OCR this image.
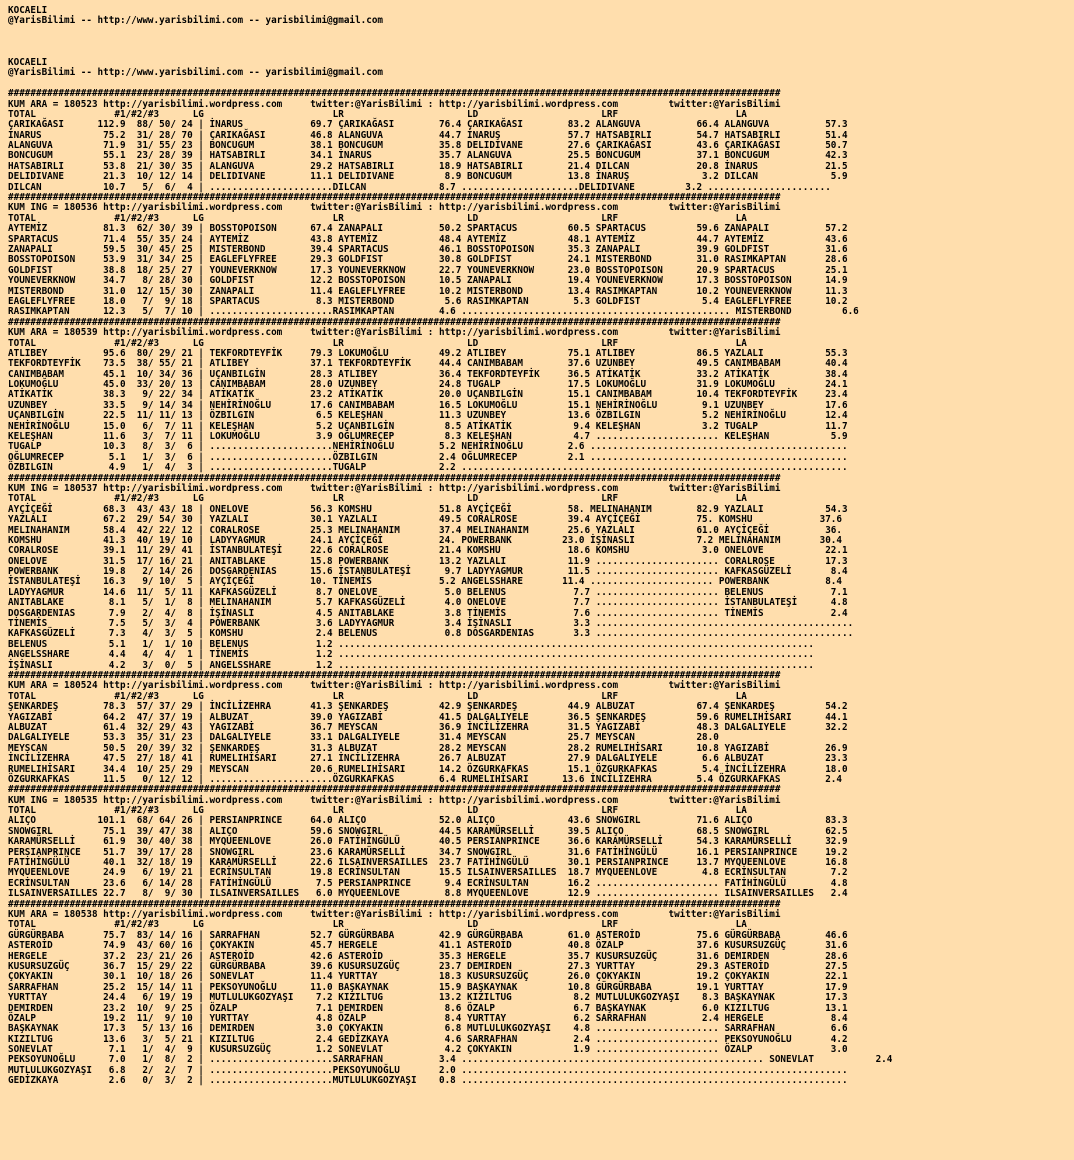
KOCAELI
@YarisBilimi -- http://www.yarisbilimi.com -- yarisbilimi@gmail.com
KOCAELI
@YarisBilimi -- http://www.yarisbilimi.com -- yarisbilimi@gmail.com
##########################################################################################################################################
KUM ARA = 180523 http://yarisbilimi.wordpress.com     twitter:@YarisBilimi : http://yarisbilimi.wordpress.com         twitter:@YarisBilimi
TOTAL              #1/#2/#3      LG                       LR                      LD                      LRF                     LA
ÇARIKAĞASI      112.9  88/ 50/ 24 | İNARUS            69.7 ÇARIKAĞASI        76.4 ÇARIKAĞASI        83.2 ALANGUVA          66.4 ALANGUVA          57.3
İNARUS           75.2  31/ 28/ 70 | ÇARIKAĞASI        46.8 ALANGUVA          44.7 İNARUŞ            57.7 HATSABIRLI        54.7 HATSABIRLI        51.4
ALANGUVA         71.9  31/ 55/ 23 | BONCUGUM          38.1 BONCUGUM          35.8 DELIDIVANE        27.6 ÇARIKAĞASI        43.6 ÇARIKAĞASI        50.7
BONCUGUM         55.1  23/ 28/ 39 | HATSABIRLI        34.1 İNARUS            35.7 ALANGUVA          25.5 BONCUGUM          37.1 BONCUGUM          42.3
HATSABIRLI       53.8  21/ 30/ 35 | ALANGUVA          29.2 HATSABIRLI        18.9 HATSABIRLI        21.4 DILCAN            20.8 İNARUS            21.5
DELIDIVANE       21.3  10/ 12/ 14 | DELIDIVANE        11.1 DELIDIVANE         8.9 BONCUGUM          13.8 İNARUŞ             3.2 DILCAN             5.9
DILCAN           10.7   5/  6/  4 | ......................DILCAN             8.7 .....................DELIDIVANE         3.2 ......................
##########################################################################################################################################
KUM ING = 180536 http://yarisbilimi.wordpress.com     twitter:@YarisBilimi : http://yarisbilimi.wordpress.com         twitter:@YarisBilimi
TOTAL              #1/#2/#3      LG                       LR                      LD                      LRF                     LA
AYTEMİZ          81.3  62/ 30/ 39 | BOSSTOPOISON      67.4 ZANAPALI          50.2 SPARTACUS         60.5 SPARTACUS         59.6 ZANAPALI          57.2
SPARTACUS        71.4  55/ 35/ 24 | AYTEMİZ           43.8 AYTEMİZ           48.4 AYTEMİZ           48.1 AYTEMİZ           44.7 AYTEMİZ           43.6
ZANAPALI         59.5  30/ 45/ 25 | MISTERBOND        39.4 SPARTACUS         46.1 BOSSTOPOISON      35.3 ZANAPALI          39.9 GOLDFIST          31.6
BOSSTOPOISON     53.9  31/ 34/ 25 | EAGLEFLYFREE      29.3 GOLDFIST          30.8 GOLDFIST          24.1 MISTERBOND        31.0 RASIMKAPTAN       28.6
GOLDFIST         38.8  18/ 25/ 27 | YOUNEVERKNOW      17.3 YOUNEVERKNOW      22.7 YOUNEVERKNOW      23.0 BOSSTOPOISON      20.9 SPARTACUS         25.1
YOUNEVERKNOW     34.7   8/ 28/ 30 | GOLDFIST          12.2 BOSSTOPOISON      10.5 ZANAPALI          19.4 YOUNEVERKNOW      17.3 BOSSTOPOISON      14.9
MISTERBOND       31.0  12/ 15/ 30 | ZANAPALI          11.4 EAGLEFLYFREE      10.2 MISTERBOND        13.4 RASIMKAPTAN       10.2 YOUNEVERKNOW      11.3
EAGLEFLYFREE     18.0   7/  9/ 18 | SPARTACUS          8.3 MISTERBOND         5.6 RASIMKAPTAN        5.3 GOLDFIST           5.4 EAGLEFLYFREE      10.2
RASIMKAPTAN      12.3   5/  7/ 10 | ......................RASIMKAPTAN        4.6 ................................................ MISTERBOND         6.6
##########################################################################################################################################
KUM ARA = 180539 http://yarisbilimi.wordpress.com     twitter:@YarisBilimi : http://yarisbilimi.wordpress.com         twitter:@YarisBilimi
TOTAL              #1/#2/#3      LG                       LR                      LD                      LRF                     LA
ATLIBEY          95.6  80/ 29/ 21 | TEKFORDTEYFİK     79.3 LOKUMOĞLU         49.2 ATLIBEY           75.1 ATLIBEY           86.5 YAZLALI           55.3
TEKFORDTEYFİK    73.5  38/ 55/ 21 | ATLIBEY           37.1 TEKFORDTEYFİK     44.4 CANIMBABAM        37.6 UZUNBEY           49.5 CANIMBABAM        40.4
CANIMBABAM       45.1  10/ 34/ 36 | UÇANBILGİN        28.3 ATLIBEY           36.4 TEKFORDTEYFİK     36.5 ATİKATİK          33.2 ATİKATİK          38.4
LOKUMOĞLU        45.0  33/ 20/ 13 | CANIMBABAM        28.0 UZUNBEY           24.8 TUGALP            17.5 LOKUMOĞLU         31.9 LOKUMOĞLU         24.1
ATİKATİK         38.3   9/ 22/ 34 | ATİKATİK          23.2 ATİKATİK          20.0 UÇANBILGİN        15.1 CANIMBABAM        10.4 TEKFORDTEYFİK     23.4
UZUNBEY          33.5   9/ 14/ 34 | NEHİRİNOĞLU       17.6 CANIMBABAM        16.5 LOKUMOĞLU         15.1 NEHİRİNOĞLU        9.1 UZUNBEY           17.6
UÇANBILGİN       22.5  11/ 11/ 13 | ÖZBILGIN           6.5 KELEŞHAN          11.3 UZUNBEY           13.6 ÖZBILGIN           5.2 NEHİRİNOĞLU       12.4
NEHİRİNOĞLU      15.0   6/  7/ 11 | KELEŞHAN           5.2 UÇANBILGİN         8.5 ATİKATİK           9.4 KELEŞHAN           3.2 TUGALP            11.7
KELEŞHAN         11.6   3/  7/ 11 | LOKUMOĞLU          3.9 OĞLUMRECEP         8.3 KELEŞHAN           4.7 ...................... KELEŞHAN           5.9
TUGALP           10.3   8/  3/  6 | ......................NEHİRİNOĞLU        5.2 NEHİRİNOĞLU        2.6 ..............................................
OĞLUMRECEP        5.1   1/  3/  6 | ......................ÖZBILGIN           2.4 OĞLUMRECEP         2.1 ..............................................
ÖZBILGIN          4.9   1/  4/  3 | ......................TUGALP             2.2 .....................................................................
##########################################################################################################################################
KUM ING = 180537 http://yarisbilimi.wordpress.com     twitter:@YarisBilimi : http://yarisbilimi.wordpress.com         twitter:@YarisBilimi
TOTAL              #1/#2/#3      LG                       LR                      LD                      LRF                     LA
AYÇİÇEĞİ         68.3  43/ 43/ 18 | ONELOVE           56.3 KOMSHU            51.8 AYÇİÇEĞİ          58. MELINAHANIM        82.9 YAZLALI           54.3
YAZLALI          67.2  29/ 54/ 30 | YAZLALI           30.1 YAZLALI           49.5 CORALROSE         39.4 AYÇİÇEĞİ          75. KOMSHU            37.6
MELINAHANIM      58.4  42/ 22/ 12 | CORALROSE         25.3 MELINAHANIM       37.4 MELINAHANIM       25.6 YAZLALI           61.0 AYÇİÇEĞİ          36.
KOMSHU           41.3  40/ 19/ 10 | LADYYAGMUR        24.1 AYÇİÇEĞİ          24. POWERBANK         23.0 İŞİNASLI           7.2 MELINAHANIM       30.4
CORALROSE        39.1  11/ 29/ 41 | İSTANBULATEŞİ     22.6 CORALROSE         21.4 KOMSHU            18.6 KOMSHU             3.0 ONELOVE           22.1
ONELOVE          31.5  17/ 16/ 21 | ANITABLAKE        15.8 POWERBANK         13.2 YAZLALI           11.9 ...................... CORALROSE         17.3
POWERBANK        19.8   2/ 14/ 26 | DOSGARDENIAS      15.6 İSTANBULATEŞİ      9.7 LADYYAGMUR        11.5 ...................... KAFKASGÜZELİ       8.4
İSTANBULATEŞİ    16.3   9/ 10/  5 | AYÇİÇEĞİ          10. TİNEMİS            5.2 ANGELSSHARE       11.4 ...................... POWERBANK          8.4
LADYYAGMUR       14.6  11/  5/ 11 | KAFKASGÜZELİ       8.7 ONELOVE            5.0 BELENUS            7.7 ...................... BELENUS            7.1
ANITABLAKE        8.1   5/  1/  8 | MELINAHANIM        5.7 KAFKASGÜZELİ       4.0 ONELOVE            7.7 ...................... İSTANBULATEŞİ      4.8
DOSGARDENIAS      7.9   2/  4/  8 | İŞİNASLI           4.5 ANITABLAKE         3.8 TİNEMİS            7.6 ...................... TİNEMİS            2.4
TİNEMİS           7.5   5/  3/  4 | POWERBANK          3.6 LADYYAGMUR         3.4 İŞİNASLI           3.3 ..............................................
KAFKASGÜZELİ      7.3   4/  3/  5 | KOMSHU             2.4 BELENUS            0.8 DOSGARDENIAS       3.3 ..............................................
BELENUS           5.1   1/  1/ 10 | BELENUS            1.2 .....................................................................................
ANGELSSHARE       4.4   4/  4/  1 | TİNEMİS            1.2 .....................................................................................
İŞİNASLI          4.2   3/  0/  5 | ANGELSSHARE        1.2 .....................................................................................
##########################################################################################################################################
KUM ARA = 180524 http://yarisbilimi.wordpress.com     twitter:@YarisBilimi : http://yarisbilimi.wordpress.com         twitter:@YarisBilimi
TOTAL              #1/#2/#3      LG                       LR                      LD                      LRF                     LA
ŞENKARDEŞ        78.3  57/ 37/ 29 | İNCİLİZEHRA       41.3 ŞENKARDEŞ         42.9 ŞENKARDEŞ         44.9 ALBUZAT           67.4 ŞENKARDEŞ         54.2
YAGIZABİ         64.2  47/ 37/ 19 | ALBUZAT           39.0 YAGIZABİ          41.5 DALGALIYELE       36.5 ŞENKARDEŞ         59.6 RUMELIHİSARI      44.1
ALBUZAT          61.4  32/ 29/ 43 | YAGIZABİ          36.7 MEYSCAN           36.9 İNCİLİZEHRA       31.5 YAGIZABİ          48.3 DALGALIYELE       32.2
DALGALIYELE      53.3  35/ 31/ 23 | DALGALIYELE       33.1 DALGALIYELE       31.4 MEYSCAN           25.7 MEYSCAN           28.0
MEYSCAN          50.5  20/ 39/ 32 | ŞENKARDEŞ         31.3 ALBUZAT           28.2 MEYSCAN           28.2 RUMELIHİSARI      10.8 YAGIZABİ          26.9
İNCİLİZEHRA      47.5  27/ 18/ 41 | RUMELIHİSARI      27.1 İNCİLİZEHRA       26.7 ALBUZAT           27.9 DALGALIYELE        6.6 ALBUZAT           23.3
RUMELIHİSARI     34.4  10/ 25/ 29 | MEYSCAN           20.6 RUMELIHİSARI      14.2 ÖZGURKAFKAS       15.1 ÖZGURKAFKAS        5.4 İNCİLİZEHRA       18.0
ÖZGURKAFKAS      11.5   0/ 12/ 12 | ......................ÖZGURKAFKAS        6.4 RUMELIHİSARI      13.6 İNCİLİZEHRA        5.4 ÖZGURKAFKAS        2.4
##########################################################################################################################################
KUM ING = 180535 http://yarisbilimi.wordpress.com     twitter:@YarisBilimi : http://yarisbilimi.wordpress.com         twitter:@YarisBilimi
TOTAL              #1/#2/#3      LG                       LR                      LD                      LRF                     LA
ALIÇO           101.1  68/ 64/ 26 | PERSIANPRINCE     64.0 ALIÇO             52.0 ALIÇO             43.6 SNOWGIRL          71.6 ALIÇO             83.3
SNOWGIRL         75.1  39/ 47/ 38 | ALIÇO             59.6 SNOWGIRL          44.5 KARAMÜRSELLİ      39.5 ALIÇO             68.5 SNOWGIRL          62.5
KARAMÜRSELLİ     61.9  30/ 40/ 38 | MYQUEENLOVE       26.0 FATİHİNGÜLÜ       40.5 PERSIANPRINCE     36.6 KARAMÜRSELLİ      54.3 KARAMÜRSELLİ      32.9
PERSIANPRINCE    51.7  39/ 17/ 28 | SNOWGIRL          23.6 KARAMÜRSELLİ      34.7 SNOWGIRL          31.6 FATİHİNGÜLÜ       16.1 PERSIANPRINCE     19.2
FATİHİNGÜLÜ      40.1  32/ 18/ 19 | KARAMÜRSELLİ      22.6 ILSAINVERSAILLES  23.7 FATİHİNGÜLÜ       30.1 PERSIANPRINCE     13.7 MYQUEENLOVE       16.8
MYQUEENLOVE      24.9   6/ 19/ 21 | ECRİNSULTAN       19.8 ECRİNSULTAN       15.5 ILSAINVERSAILLES  18.7 MYQUEENLOVE        4.8 ECRİNSULTAN        7.2
ECRİNSULTAN      23.6   6/ 14/ 28 | FATİHİNGÜLÜ        7.5 PERSIANPRINCE      9.4 ECRİNSULTAN       16.2 ...................... FATİHİNGÜLÜ        4.8
ILSAINVERSAILLES 22.7   8/  9/ 30 | ILSAINVERSAILLES   6.0 MYQUEENLOVE        8.8 MYQUEENLOVE       12.9 ...................... ILSAINVERSAILLES   2.4
##########################################################################################################################################
KUM ARA = 180538 http://yarisbilimi.wordpress.com     twitter:@YarisBilimi : http://yarisbilimi.wordpress.com         twitter:@YarisBilimi
TOTAL              #1/#2/#3      LG                       LR                      LD                      LRF                     LA
GÜRGÜRBABA       75.7  83/ 14/ 16 | SARRAFHAN         52.7 GÜRGÜRBABA        42.9 GÜRGÜRBABA        61.0 ASTEROİD          75.6 GÜRGÜRBABA        46.6
ASTEROİD         74.9  43/ 60/ 16 | ÇOKYAKIN          45.7 HERGELE           41.1 ASTEROİD          40.8 ÖZALP             37.6 KUSURSUZGÜÇ       31.6
HERGELE          37.2  23/ 21/ 26 | ASTEROİD          42.6 ASTEROİD          35.3 HERGELE           35.7 KUSURSUZGÜÇ       31.6 DEMIRDEN          28.6
KUSURSUZGÜÇ      36.7  15/ 29/ 22 | GÜRGÜRBABA        39.6 KUSURSUZGÜÇ       23.7 DEMIRDEN          27.3 YURTTAY           29.3 ASTEROİD          27.5
ÇOKYAKIN         30.1  10/ 18/ 26 | SONEVLAT          11.4 YURTTAY           18.3 KUSURSUZGÜÇ       26.0 ÇOKYAKIN          19.2 ÇOKYAKIN          22.1
SARRAFHAN        25.2  15/ 14/ 11 | PEKSOYUNOĞLU      11.0 BAŞKAYNAK         15.9 BAŞKAYNAK         10.8 GÜRGÜRBABA        19.1 YURTTAY           17.9
YURTTAY          24.4   6/ 19/ 19 | MUTLULUKGOZYAŞI    7.2 KIZILTUG          13.2 KIZILTUG           8.2 MUTLULUKGOZYAŞI    8.3 BAŞKAYNAK         17.3
DEMIRDEN         23.2  10/  9/ 25 | ÖZALP              7.1 DEMIRDEN           8.6 ÖZALP              6.7 BAŞKAYNAK          6.0 KIZILTUG          13.1
ÖZALP            19.2  11/  9/ 10 | YURTTAY            4.8 ÖZALP              8.4 YURTTAY            6.2 SARRAFHAN          2.4 HERGELE            8.4
BAŞKAYNAK        17.3   5/ 13/ 16 | DEMIRDEN           3.0 ÇOKYAKIN           6.8 MUTLULUKGOZYAŞI    4.8 ...................... SARRAFHAN          6.6
KIZILTUG         13.6   3/  5/ 21 | KIZILTUG           2.4 GEDİZKAYA          4.6 SARRAFHAN          2.4 ...................... PEKSOYUNOĞLU       4.2
SONEVLAT          7.1   1/  4/  9 | KUSURSUZGÜÇ        1.2 SONEVLAT           4.2 ÇOKYAKIN           1.9 ...................... ÖZALP              3.0
PEKSOYUNOĞLU      7.0   1/  8/  2 | ......................SARRAFHAN          3.4 ...................................................... SONEVLAT           2.4
MUTLULUKGOZYAŞI   6.8   2/  2/  7 | ......................PEKSOYUNOĞLU       2.0 .....................................................................
GEDİZKAYA         2.6   0/  3/  2 | ......................MUTLULUKGOZYAŞI    0.8 .....................................................................
